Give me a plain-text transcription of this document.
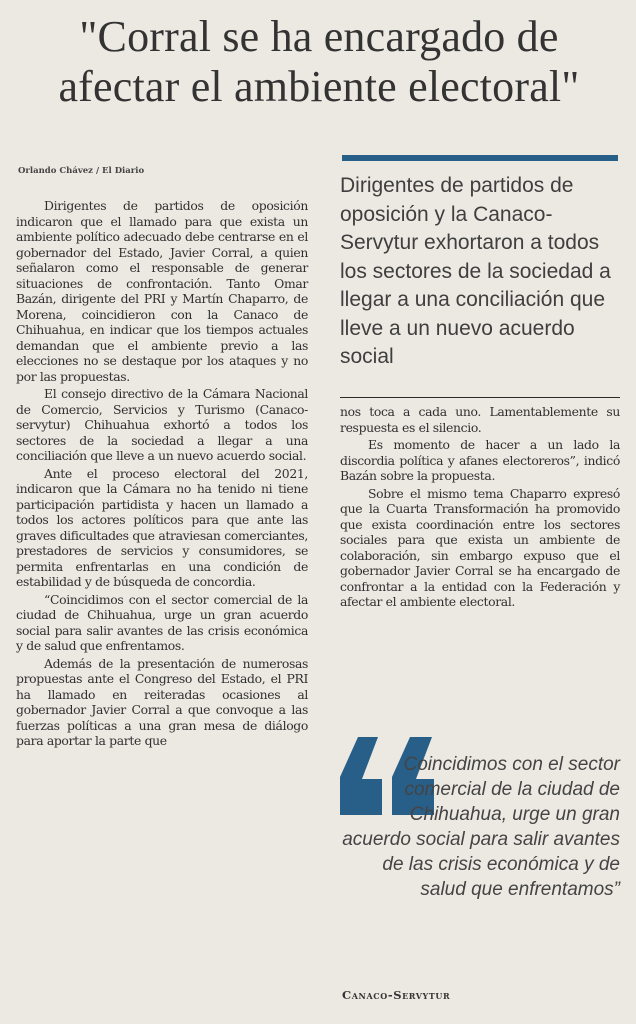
"Corral se ha encargado de
afectar el ambiente electoral"
Orlando Chávez / El Diario

Dirigentes de partidos de oposición indicaron que el llamado para que exista un ambiente político adecuado debe centrarse en el gobernador del Estado, Javier Corral, a quien señalaron como el responsable de generar situaciones de confrontación. Tanto Omar Bazán, dirigente del PRI y Martín Chaparro, de Morena, coincidieron con la Canaco de Chihuahua, en indicar que los tiempos actuales demandan que el ambiente previo a las elecciones no se destaque por los ataques y no por las propuestas.

El consejo directivo de la Cámara Nacional de Comercio, Servicios y Turismo (Canaco-servytur) Chihuahua exhortó a todos los sectores de la sociedad a llegar a una conciliación que lleve a un nuevo acuerdo social.

Ante el proceso electoral del 2021, indicaron que la Cámara no ha tenido ni tiene participación partidista y hacen un llamado a todos los actores políticos para que ante las graves dificultades que atraviesan comerciantes, prestadores de servicios y consumidores, se permita enfrentarlas en una condición de estabilidad y de búsqueda de concordia.

“Coincidimos con el sector comercial de la ciudad de Chihuahua, urge un gran acuerdo social para salir avantes de las crisis económica y de salud que enfrentamos.

Además de la presentación de numerosas propuestas ante el Congreso del Estado, el PRI ha llamado en reiteradas ocasiones al gobernador Javier Corral a que convoque a las fuerzas políticas a una gran mesa de diálogo para aportar la parte que

Dirigentes de partidos de oposición y la Canaco-Servytur exhortaron a todos los sectores de la sociedad a llegar a una conciliación que lleve a un nuevo acuerdo social

nos toca a cada uno. Lamentablemente su respuesta es el silencio.

Es momento de hacer a un lado la discordia política y afanes electoreros”, indicó Bazán sobre la propuesta.

Sobre el mismo tema Chaparro expresó que la Cuarta Transformación ha promovido que exista coordinación entre los sectores sociales para que exista un ambiente de colaboración, sin embargo expuso que el gobernador Javier Corral se ha encargado de confrontar a la entidad con la Federación y afectar el ambiente electoral.

Coincidimos con el sector comercial de la ciudad de Chihuahua, urge un gran acuerdo social para salir avantes de las crisis económica y de salud que enfrentamos”
Canaco-Servytur
